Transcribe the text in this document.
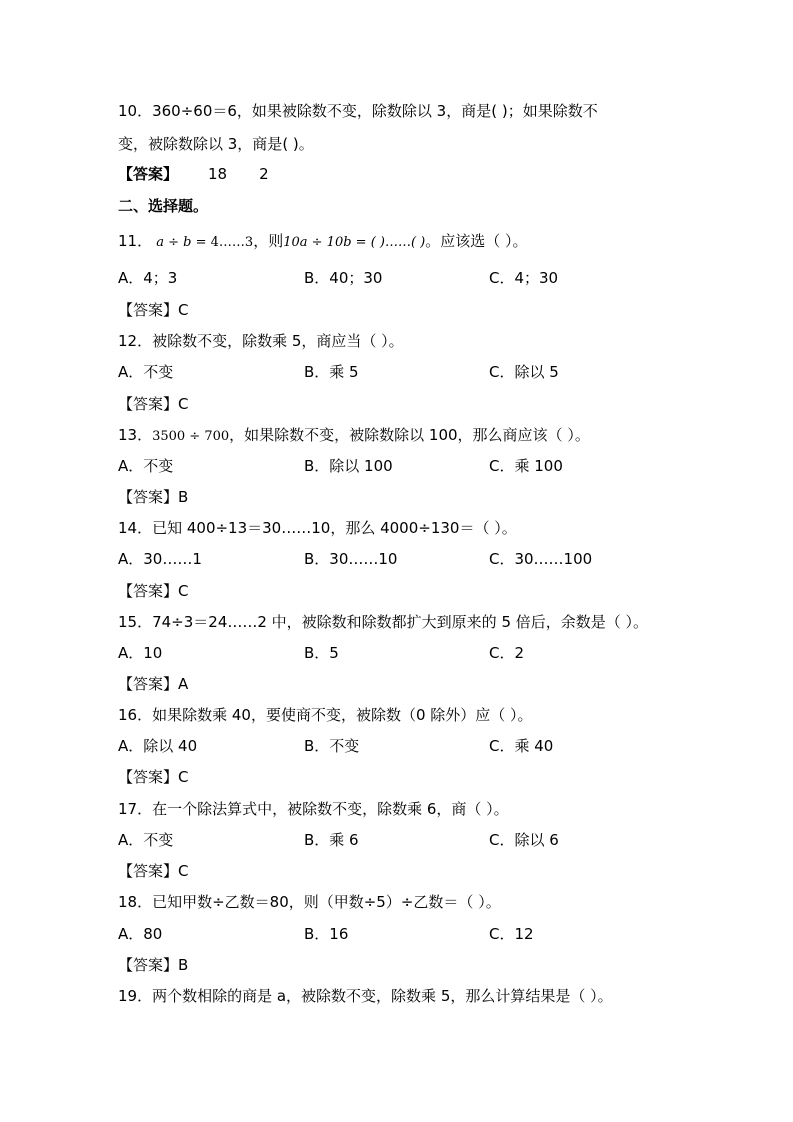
10．360÷60＝6，如果被除数不变，除数除以 3，商是( )；如果除数不
变，被除数除以 3，商是( )。
【答案】 18 2
二、选择题。
11． a ÷ b = 4……3，则10a ÷ 10b = ( )……( )。应该选（ ）。
A．4；3	B．40；30	C．4；30
【答案】C
12．被除数不变，除数乘 5，商应当（ ）。
A．不变	B．乘 5	C．除以 5
【答案】C
13．3500 ÷ 700，如果除数不变，被除数除以 100，那么商应该（ ）。
A．不变	B．除以 100	C．乘 100
【答案】B
14．已知 400÷13＝30……10，那么 4000÷130＝（ ）。
A．30……1	B．30……10	C．30……100
【答案】C
15．74÷3＝24……2 中，被除数和除数都扩大到原来的 5 倍后，余数是（ ）。
A．10	B．5	C．2
【答案】A
16．如果除数乘 40，要使商不变，被除数（0 除外）应（ ）。
A．除以 40	B．不变	C．乘 40
【答案】C
17．在一个除法算式中，被除数不变，除数乘 6，商（ ）。
A．不变	B．乘 6	C．除以 6
【答案】C
18．已知甲数÷乙数＝80，则（甲数÷5）÷乙数＝（ ）。
A．80	B．16	C．12
【答案】B
19．两个数相除的商是 a，被除数不变，除数乘 5，那么计算结果是（ ）。
